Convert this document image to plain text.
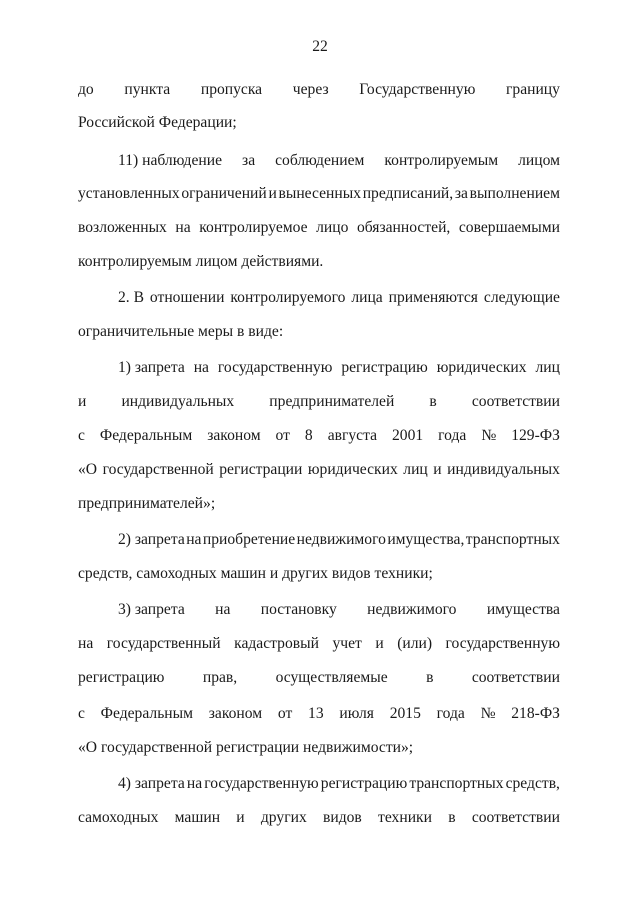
22
до пункта пропуска через Государственную границу
Российской Федерации;
11) наблюдение за соблюдением контролируемым лицом
установленных ограничений и вынесенных предписаний, за выполнением
возложенных на контролируемое лицо обязанностей, совершаемыми
контролируемым лицом действиями.
2. В отношении контролируемого лица применяются следующие
ограничительные меры в виде:
1) запрета на государственную регистрацию юридических лиц
и индивидуальных предпринимателей в соответствии
с Федеральным законом от 8 августа 2001 года № 129-ФЗ
«О государственной регистрации юридических лиц и индивидуальных
предпринимателей»;
2) запрета на приобретение недвижимого имущества, транспортных
средств, самоходных машин и других видов техники;
3) запрета на постановку недвижимого имущества
на государственный кадастровый учет и (или) государственную
регистрацию прав, осуществляемые в соответствии
с Федеральным законом от 13 июля 2015 года № 218-ФЗ
«О государственной регистрации недвижимости»;
4) запрета на государственную регистрацию транспортных средств,
самоходных машин и других видов техники в соответствии
